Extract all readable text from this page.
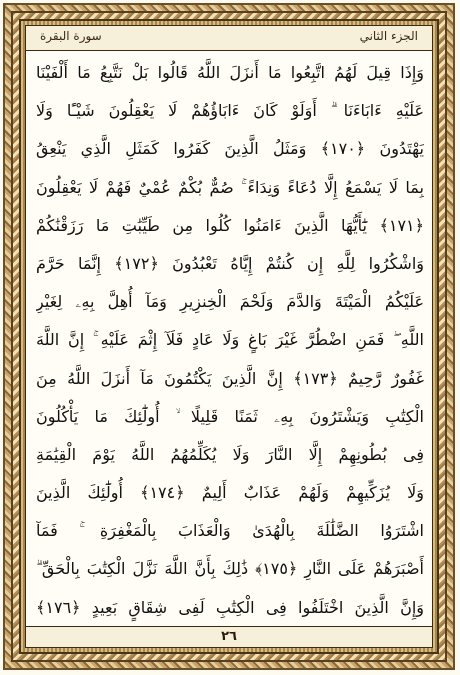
سورة البقرة	الجزء الثاني
وَإِذَا قِيلَ لَهُمُ اتَّبِعُوا مَا أَنزَلَ اللَّهُ قَالُوا بَلْ نَتَّبِعُ مَا أَلْفَيْنَا
عَلَيْهِ ءَابَاءَنَا ۗ أَوَلَوْ كَانَ ءَابَاؤُهُمْ لَا يَعْقِلُونَ شَيْـًٔا وَلَا
يَهْتَدُونَ ﴿١٧٠﴾ وَمَثَلُ الَّذِينَ كَفَرُوا كَمَثَلِ الَّذِي يَنْعِقُ
بِمَا لَا يَسْمَعُ إِلَّا دُعَاءً وَنِدَاءً ۚ صُمٌّ بُكْمٌ عُمْيٌ فَهُمْ لَا يَعْقِلُونَ
﴿١٧١﴾ يَٰٓأَيُّهَا الَّذِينَ ءَامَنُوا كُلُوا مِن طَيِّبَٰتِ مَا رَزَقْنَٰكُمْ
وَاشْكُرُوا لِلَّهِ إِن كُنتُمْ إِيَّاهُ تَعْبُدُونَ ﴿١٧٢﴾ إِنَّمَا حَرَّمَ
عَلَيْكُمُ الْمَيْتَةَ وَالدَّمَ وَلَحْمَ الْخِنزِيرِ وَمَآ أُهِلَّ بِهِۦ لِغَيْرِ
اللَّهِ ۖ فَمَنِ اضْطُرَّ غَيْرَ بَاغٍ وَلَا عَادٍ فَلَآ إِثْمَ عَلَيْهِ ۚ إِنَّ اللَّهَ
غَفُورٌ رَّحِيمٌ ﴿١٧٣﴾ إِنَّ الَّذِينَ يَكْتُمُونَ مَآ أَنزَلَ اللَّهُ مِنَ
الْكِتَٰبِ وَيَشْتَرُونَ بِهِۦ ثَمَنًا قَلِيلًا ۙ أُولَٰٓئِكَ مَا يَأْكُلُونَ
فِى بُطُونِهِمْ إِلَّا النَّارَ وَلَا يُكَلِّمُهُمُ اللَّهُ يَوْمَ الْقِيَٰمَةِ
وَلَا يُزَكِّيهِمْ وَلَهُمْ عَذَابٌ أَلِيمٌ ﴿١٧٤﴾ أُولَٰٓئِكَ الَّذِينَ
اشْتَرَوُا الضَّلَٰلَةَ بِالْهُدَىٰ وَالْعَذَابَ بِالْمَغْفِرَةِ ۚ فَمَآ
أَصْبَرَهُمْ عَلَى النَّارِ ﴿١٧٥﴾ ذَٰلِكَ بِأَنَّ اللَّهَ نَزَّلَ الْكِتَٰبَ بِالْحَقِّ ۗ
وَإِنَّ الَّذِينَ اخْتَلَفُوا فِى الْكِتَٰبِ لَفِى شِقَاقٍ بَعِيدٍ ﴿١٧٦﴾
٢٦
